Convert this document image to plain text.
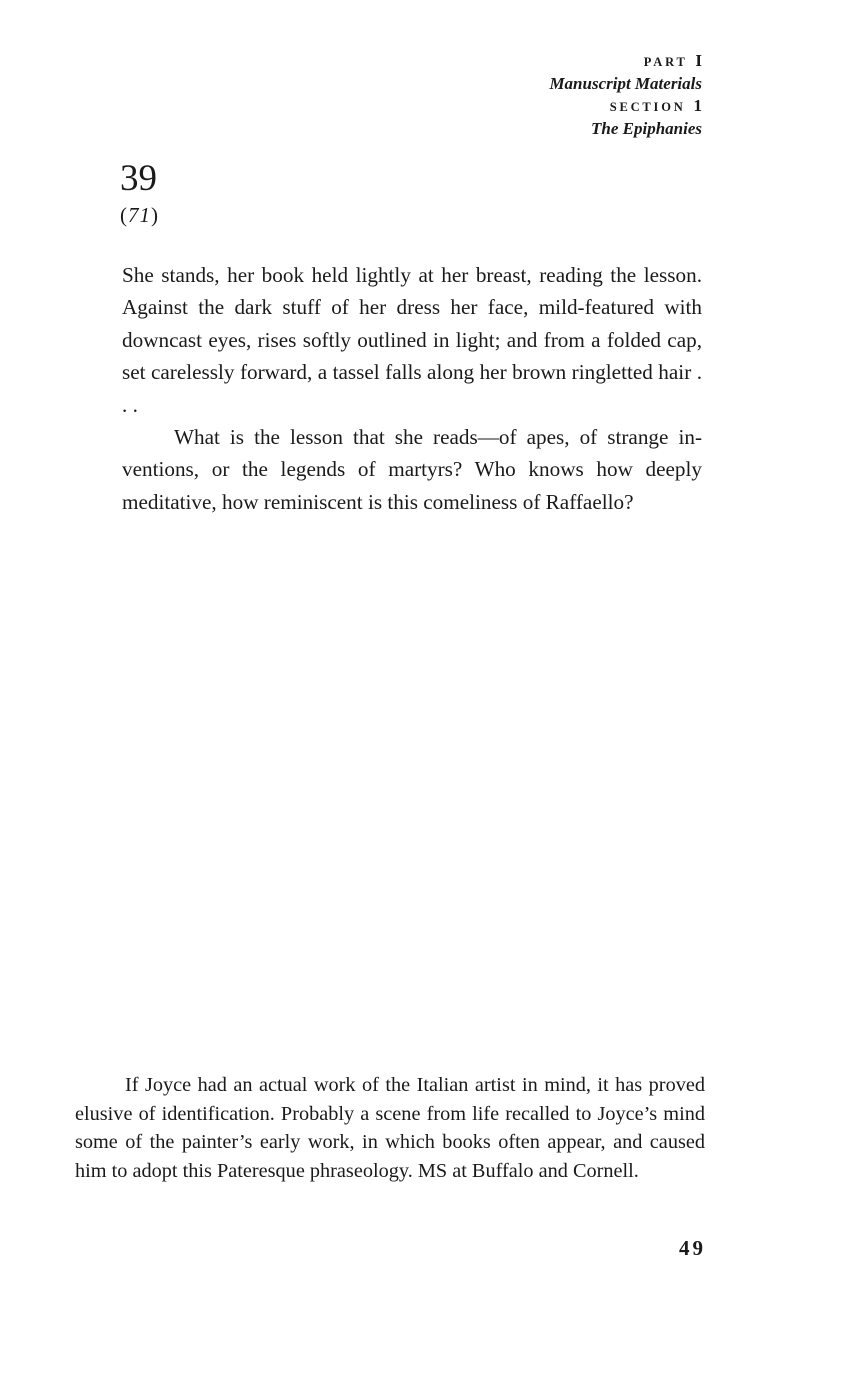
PART I
Manuscript Materials
SECTION 1
The Epiphanies
39
(71)

She stands, her book held lightly at her breast, reading the lesson. Against the dark stuff of her dress her face, mild-featured with downcast eyes, rises softly outlined in light; and from a folded cap, set carelessly forward, a tassel falls along her brown ringletted hair . . .

What is the lesson that she reads—of apes, of strange inventions, or the legends of martyrs? Who knows how deeply meditative, how reminiscent is this comeliness of Raffaello?

If Joyce had an actual work of the Italian artist in mind, it has proved elusive of identification. Probably a scene from life recalled to Joyce’s mind some of the painter’s early work, in which books often appear, and caused him to adopt this Pateresque phraseology. MS at Buffalo and Cornell.

49
